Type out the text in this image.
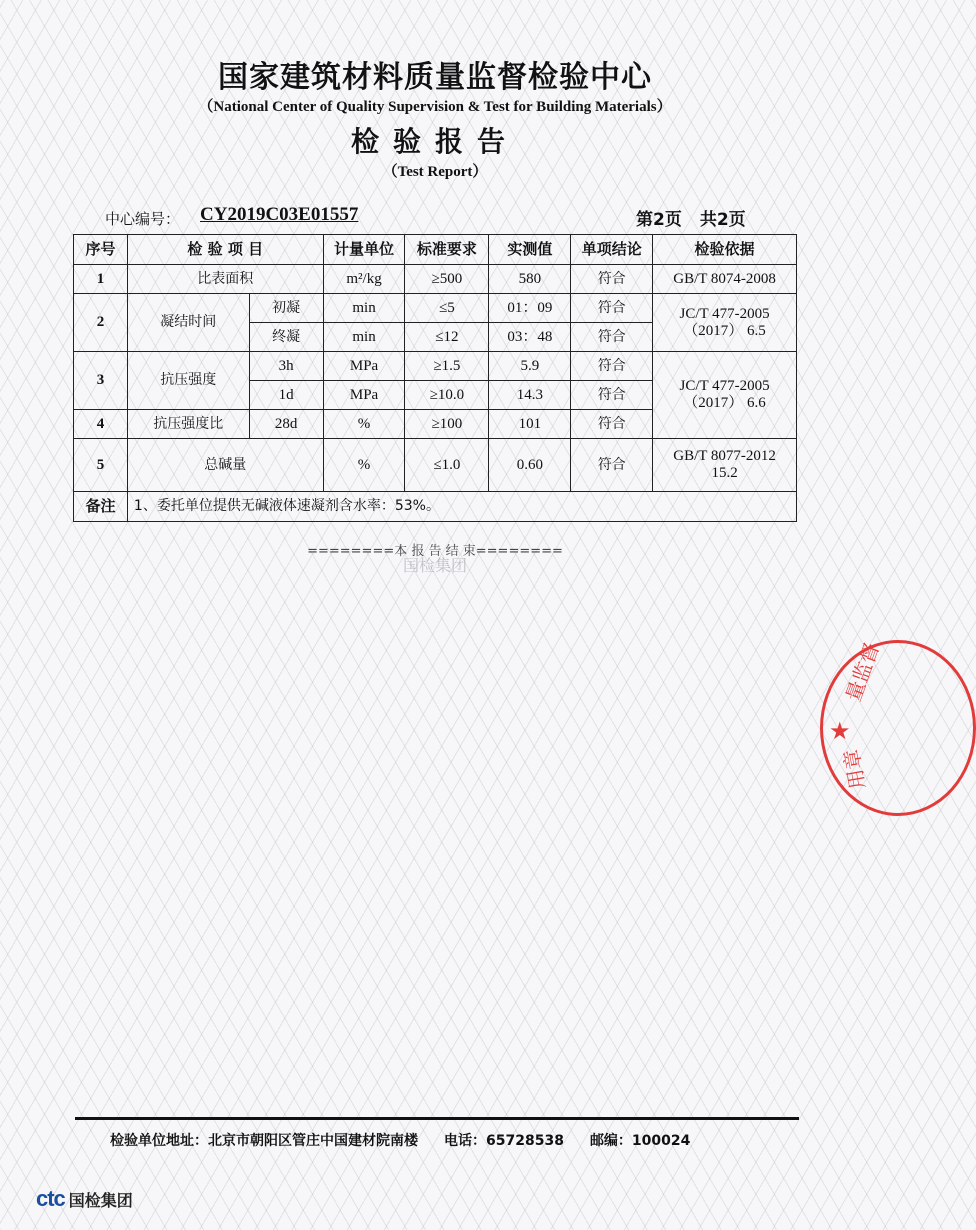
国家建筑材料质量监督检验中心
（National Center of Quality Supervision & Test for Building Materials）
检验报告
（Test Report）
中心编号： CY2019C03E01557	第2页 共2页
序号	检 验 项 目		计量单位	标准要求	实测值	单项结论	检验依据
1	比表面积		m²/kg	≥500	580	符合	GB/T 8074-2008
2	凝结时间	初凝	min	≤5	01：09	符合	JC/T 477-2005
（2017） 6.5

		终凝	min	≤12	03：48	符合	
3	抗压强度	3h	MPa	≥1.5	5.9	符合	JC/T 477-2005
（2017） 6.6

		1d	MPa	≥10.0	14.3	符合	
4	抗压强度比	28d	%	≥100	101	符合	
5	总碱量		%	≤1.0	0.60	符合	GB/T 8077-2012
15.2

备注	1、委托单位提供无碱液体速凝剂含水率：53%。						
========本 报 告 结 束========
国检集团
量监督
★
用章
检验单位地址：北京市朝阳区管庄中国建材院南楼 电话：65728538 邮编：100024
ctc 国检集团
